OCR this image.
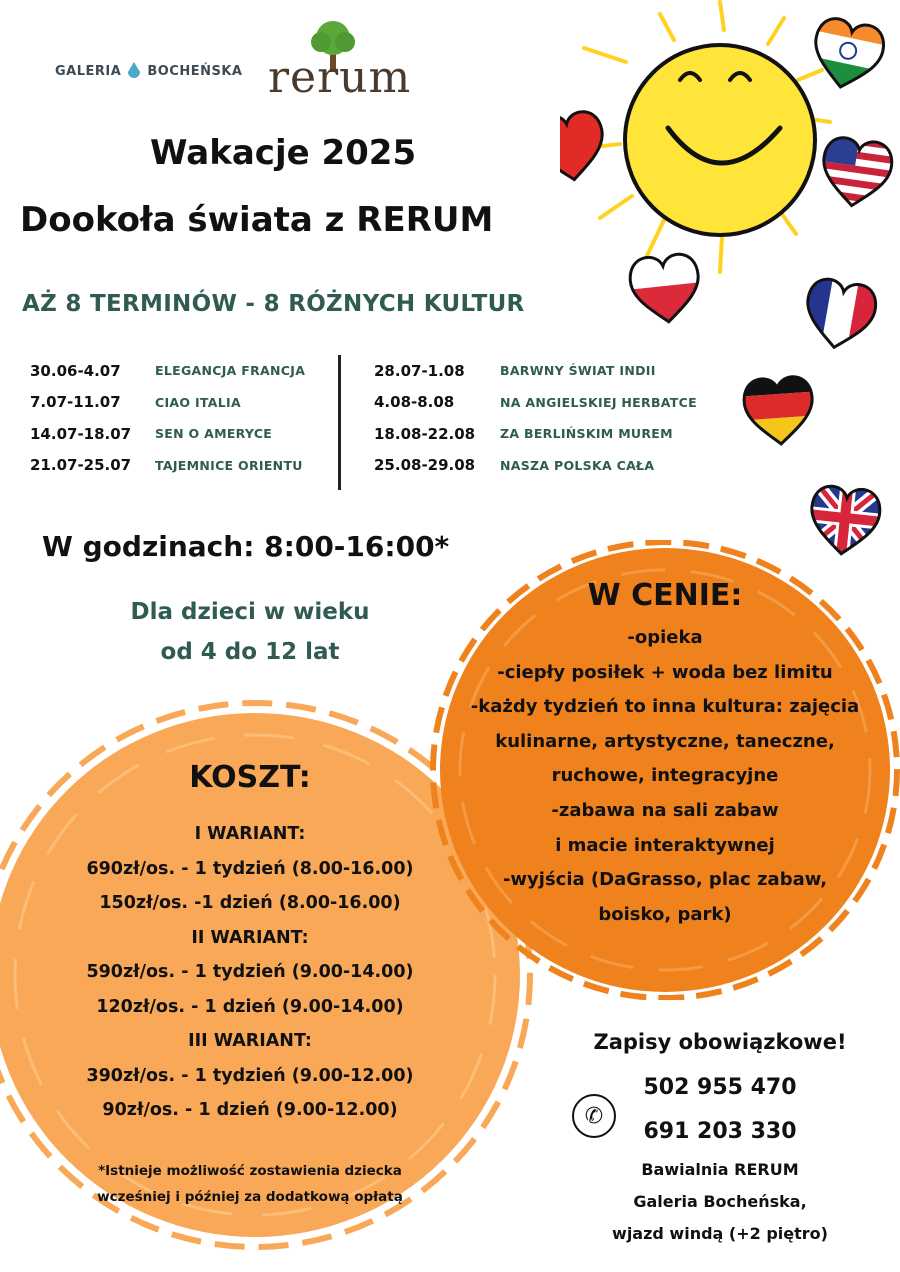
GALERIA BOCHEŃSKA rerum
Wakacje 2025
Dookoła świata z RERUM
AŻ 8 TERMINÓW - 8 RÓŻNYCH KULTUR
30.06-4.07	ELEGANCJA FRANCJA
7.07-11.07	CIAO ITALIA
14.07-18.07	SEN O AMERYCE
21.07-25.07	TAJEMNICE ORIENTU
28.07-1.08	BARWNY ŚWIAT INDII
4.08-8.08	NA ANGIELSKIEJ HERBATCE
18.08-22.08	ZA BERLIŃSKIM MUREM
25.08-29.08	NASZA POLSKA CAŁA
W godzinach: 8:00-16:00*
Dla dzieci w wieku
od 4 do 12 lat
W CENIE:
-opieka
-ciepły posiłek + woda bez limitu
-każdy tydzień to inna kultura: zajęcia
kulinarne, artystyczne, taneczne,
ruchowe, integracyjne
-zabawa na sali zabaw
i macie interaktywnej
-wyjścia (DaGrasso, plac zabaw,
boisko, park)
KOSZT:
I WARIANT:
690zł/os. - 1 tydzień (8.00-16.00)
150zł/os. -1 dzień (8.00-16.00)
II WARIANT:
590zł/os. - 1 tydzień (9.00-14.00)
120zł/os. - 1 dzień (9.00-14.00)
III WARIANT:
390zł/os. - 1 tydzień (9.00-12.00)
90zł/os. - 1 dzień (9.00-12.00)
*Istnieje możliwość zostawienia dziecka
wcześniej i później za dodatkową opłatą
Zapisy obowiązkowe!
✆
502 955 470
691 203 330
Bawialnia RERUM
Galeria Bocheńska,
wjazd windą (+2 piętro)
